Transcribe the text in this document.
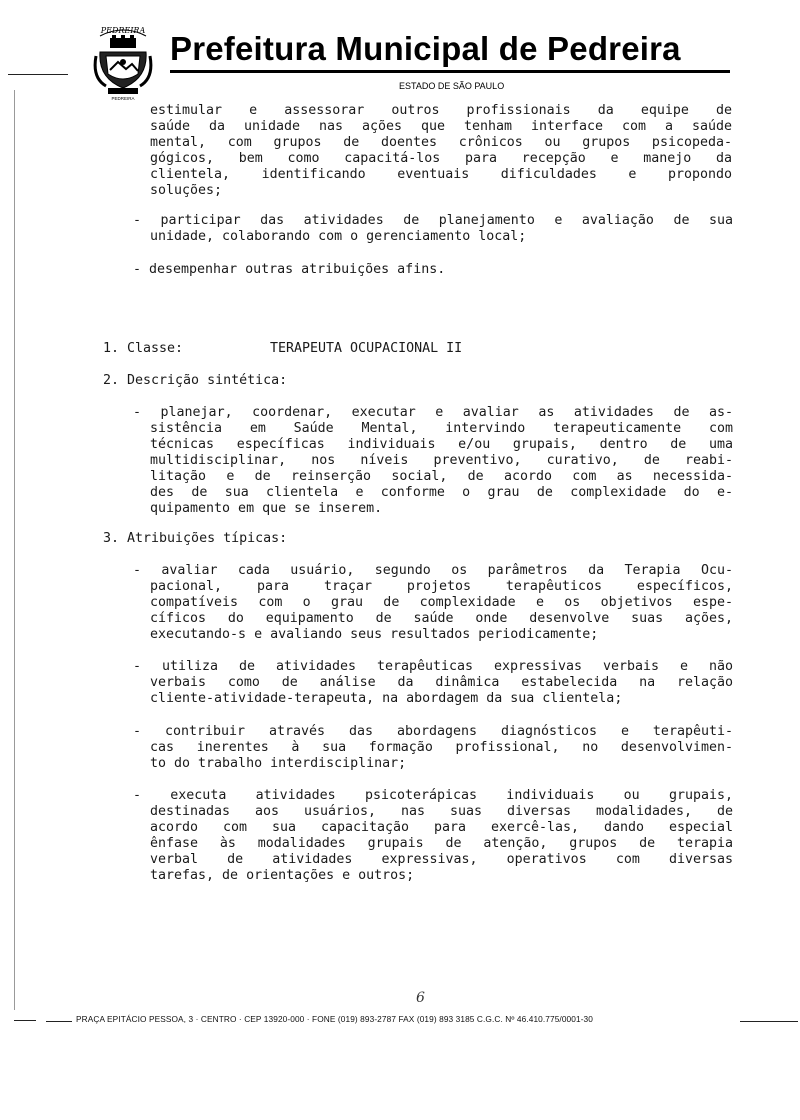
PEDREIRA
PEDREIRA
Prefeitura Municipal de Pedreira
ESTADO DE SÃO PAULO
estimular e assessorar outros profissionais da equipe de
saúde da unidade nas ações que tenham interface com a saúde
mental, com grupos de doentes crônicos ou grupos psicopeda-
gógicos, bem como capacitá-los para recepção e manejo da
clientela, identificando eventuais dificuldades e propondo
soluções;
- participar das atividades de planejamento e avaliação de sua
unidade, colaborando com o gerenciamento local;
- desempenhar outras atribuições afins.
1. Classe:	TERAPEUTA OCUPACIONAL II
2. Descrição sintética:
- planejar, coordenar, executar e avaliar as atividades de as-
sistência em Saúde Mental, intervindo terapeuticamente com
técnicas específicas individuais e/ou grupais, dentro de uma
multidisciplinar, nos níveis preventivo, curativo, de reabi-
litação e de reinserção social, de acordo com as necessida-
des de sua clientela e conforme o grau de complexidade do e-
quipamento em que se inserem.
3. Atribuições típicas:
- avaliar cada usuário, segundo os parâmetros da Terapia Ocu-
pacional, para traçar projetos terapêuticos específicos,
compatíveis com o grau de complexidade e os objetivos espe-
cíficos do equipamento de saúde onde desenvolve suas ações,
executando-s e avaliando seus resultados periodicamente;
- utiliza de atividades terapêuticas expressivas verbais e não
verbais como de análise da dinâmica estabelecida na relação
cliente-atividade-terapeuta, na abordagem da sua clientela;
- contribuir através das abordagens diagnósticos e terapêuti-
cas inerentes à sua formação profissional, no desenvolvimen-
to do trabalho interdisciplinar;
- executa atividades psicoterápicas individuais ou grupais,
destinadas aos usuários, nas suas diversas modalidades, de
acordo com sua capacitação para exercê-las, dando especial
ênfase às modalidades grupais de atenção, grupos de terapia
verbal de atividades expressivas, operativos com diversas
tarefas, de orientações e outros;
6
PRAÇA EPITÁCIO PESSOA, 3 · CENTRO · CEP 13920-000 · FONE (019) 893-2787 FAX (019) 893 3185 C.G.C. Nº 46.410.775/0001-30
